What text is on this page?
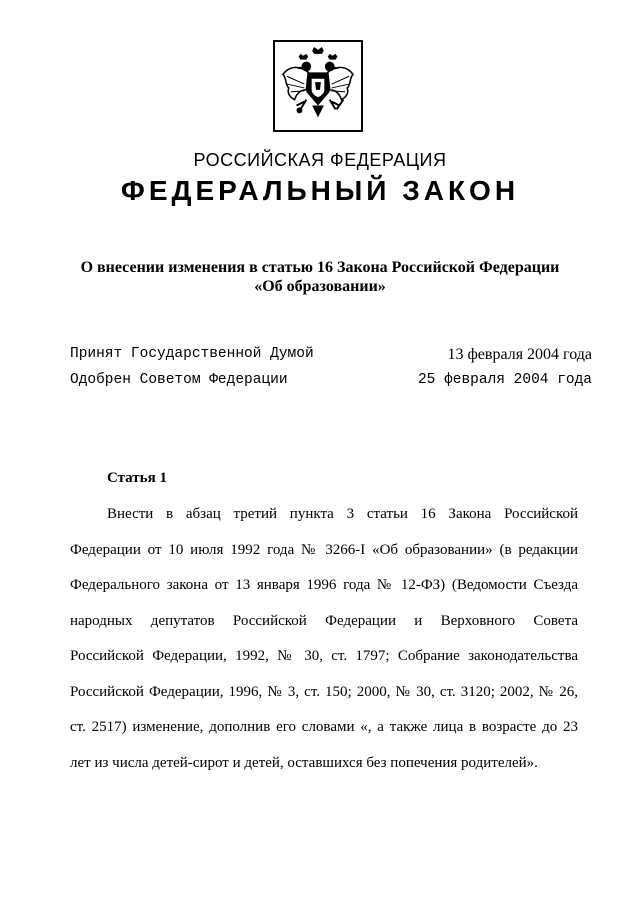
РОССИЙСКАЯ ФЕДЕРАЦИЯ
ФЕДЕРАЛЬНЫЙ ЗАКОН
О внесении изменения в статью 16 Закона Российской Федерации
«Об образовании»
Принят Государственной Думой	13 февраля 2004 года
Одобрен Советом Федерации	25 февраля 2004 года
Статья 1
Внести в абзац третий пункта 3 статьи 16 Закона Российской
Федерации от 10 июля 1992 года № 3266-I «Об образовании» (в редакции
Федерального закона от 13 января 1996 года № 12-ФЗ) (Ведомости Съезда
народных депутатов Российской Федерации и Верховного Совета
Российской Федерации, 1992, № 30, ст. 1797; Собрание законодательства
Российской Федерации, 1996, № 3, ст. 150; 2000, № 30, ст. 3120; 2002, № 26,
ст. 2517) изменение, дополнив его словами «, а также лица в возрасте до 23
лет из числа детей-сирот и детей, оставшихся без попечения родителей».
